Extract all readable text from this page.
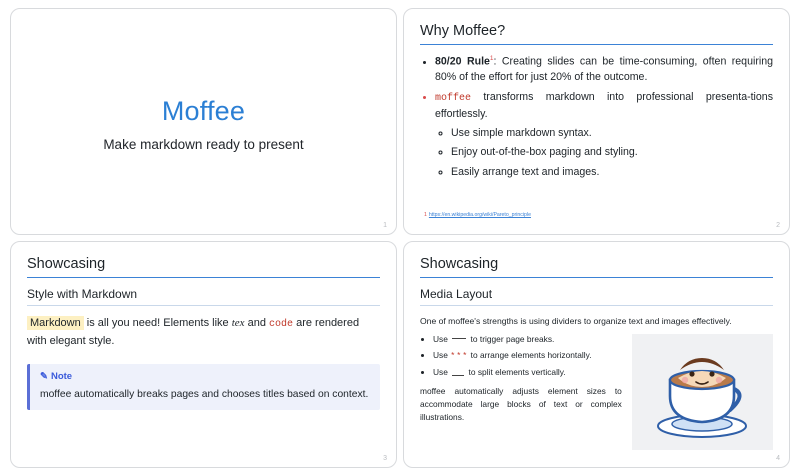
Moffee
Make markdown ready to present
1
Why Moffee?
• 80/20 Rule$^1$: Creating slides can be time-consuming, often requiring 80% of the effort for just 20% of the outcome.
• moffee transforms markdown into professional presenta-tions effortlessly.
◦ Use simple markdown syntax.
◦ Enjoy out-of-the-box paging and styling.
◦ Easily arrange text and images.
1 https://en.wikipedia.org/wiki/Pareto_principle
2
Showcasing
Style with Markdown
Markdown is all you need! Elements like tex and code are rendered with elegant style.
✎ Note
moffee automatically breaks pages and chooses titles based on context.
3
Showcasing
Media Layout

One of moffee's strengths is using dividers to organize text and images effectively.

• Use  to trigger page breaks.
• Use *** to arrange elements horizontally.
• Use  to split elements vertically.
moffee automatically adjusts element sizes to accommodate large blocks of text or complex illustrations.
4
